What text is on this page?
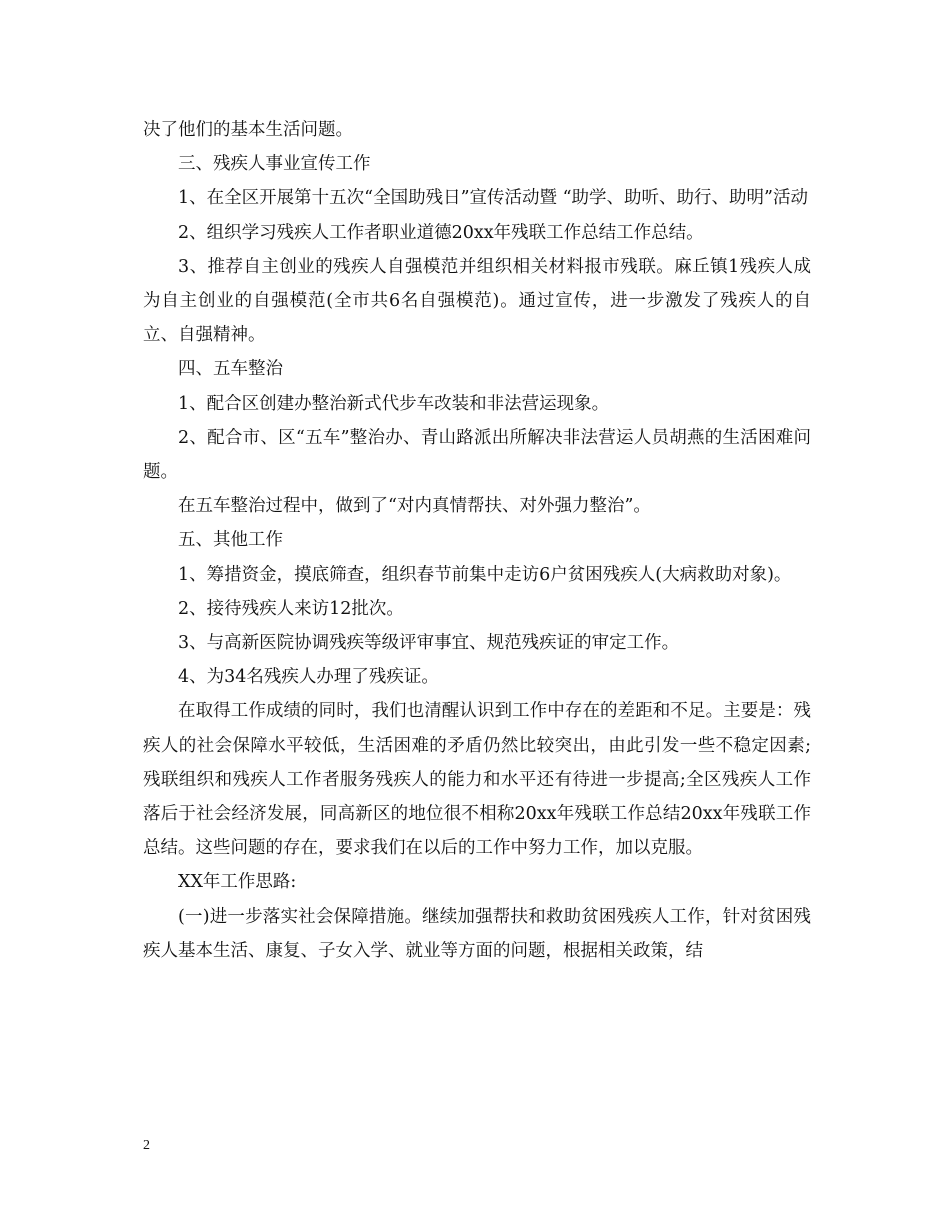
决了他们的基本生活问题。

三、残疾人事业宣传工作

1、在全区开展第十五次“全国助残日”宣传活动暨 “助学、助听、助行、助明”活动

2、组织学习残疾人工作者职业道德20xx年残联工作总结工作总结。

3、推荐自主创业的残疾人自强模范并组织相关材料报市残联。麻丘镇1残疾人成为自主创业的自强模范(全市共6名自强模范)。通过宣传，进一步激发了残疾人的自立、自强精神。

四、五车整治

1、配合区创建办整治新式代步车改装和非法营运现象。

2、配合市、区“五车”整治办、青山路派出所解决非法营运人员胡燕的生活困难问题。

在五车整治过程中，做到了“对内真情帮扶、对外强力整治”。

五、其他工作

1、筹措资金，摸底筛查，组织春节前集中走访6户贫困残疾人(大病救助对象)。

2、接待残疾人来访12批次。

3、与高新医院协调残疾等级评审事宜、规范残疾证的审定工作。

4、为34名残疾人办理了残疾证。

在取得工作成绩的同时，我们也清醒认识到工作中存在的差距和不足。主要是：残疾人的社会保障水平较低，生活困难的矛盾仍然比较突出，由此引发一些不稳定因素;残联组织和残疾人工作者服务残疾人的能力和水平还有待进一步提高;全区残疾人工作落后于社会经济发展，同高新区的地位很不相称20xx年残联工作总结20xx年残联工作总结。这些问题的存在，要求我们在以后的工作中努力工作，加以克服。

XX年工作思路:

(一)进一步落实社会保障措施。继续加强帮扶和救助贫困残疾人工作，针对贫困残疾人基本生活、康复、子女入学、就业等方面的问题，根据相关政策，结

2
